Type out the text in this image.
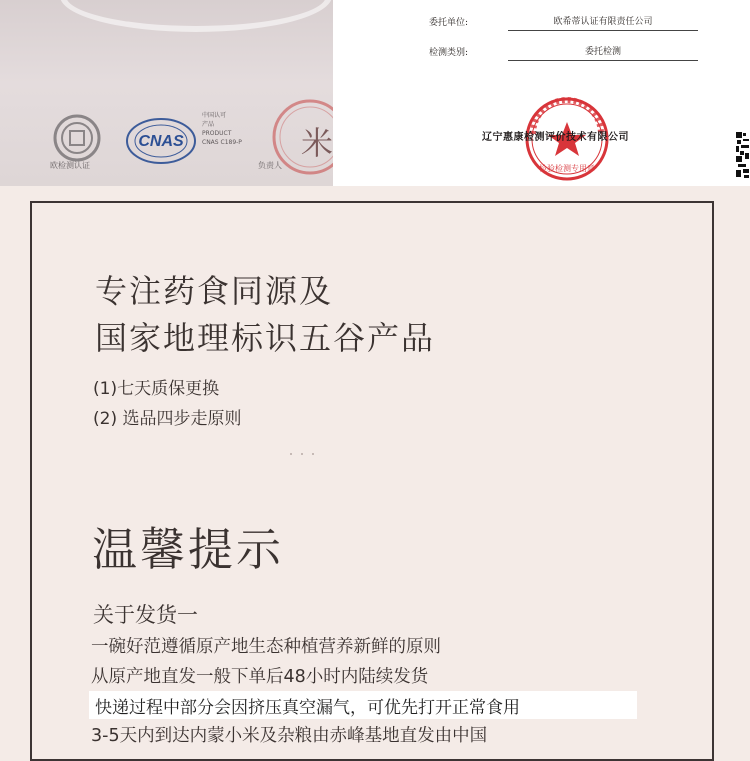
欧检测认证
CNAS
中国认可
产品
PRODUCT
CNAS C189-P 米
负责人
委托单位:	欧希蒂认证有限责任公司
检测类别:	委托检测
检验检测专用章
辽宁惠康检测评价技术有限公司
专注药食同源及
国家地理标识五谷产品
(1)七天质保更换
(2) 选品四步走原则
温馨提示
关于发货一
一碗好范遵循原产地生态种植营养新鲜的原则
从原产地直发一般下单后48小时内陆续发货
快递过程中部分会因挤压真空漏气，可优先打开正常食用
3-5天内到达内蒙小米及杂粮由赤峰基地直发由中国
